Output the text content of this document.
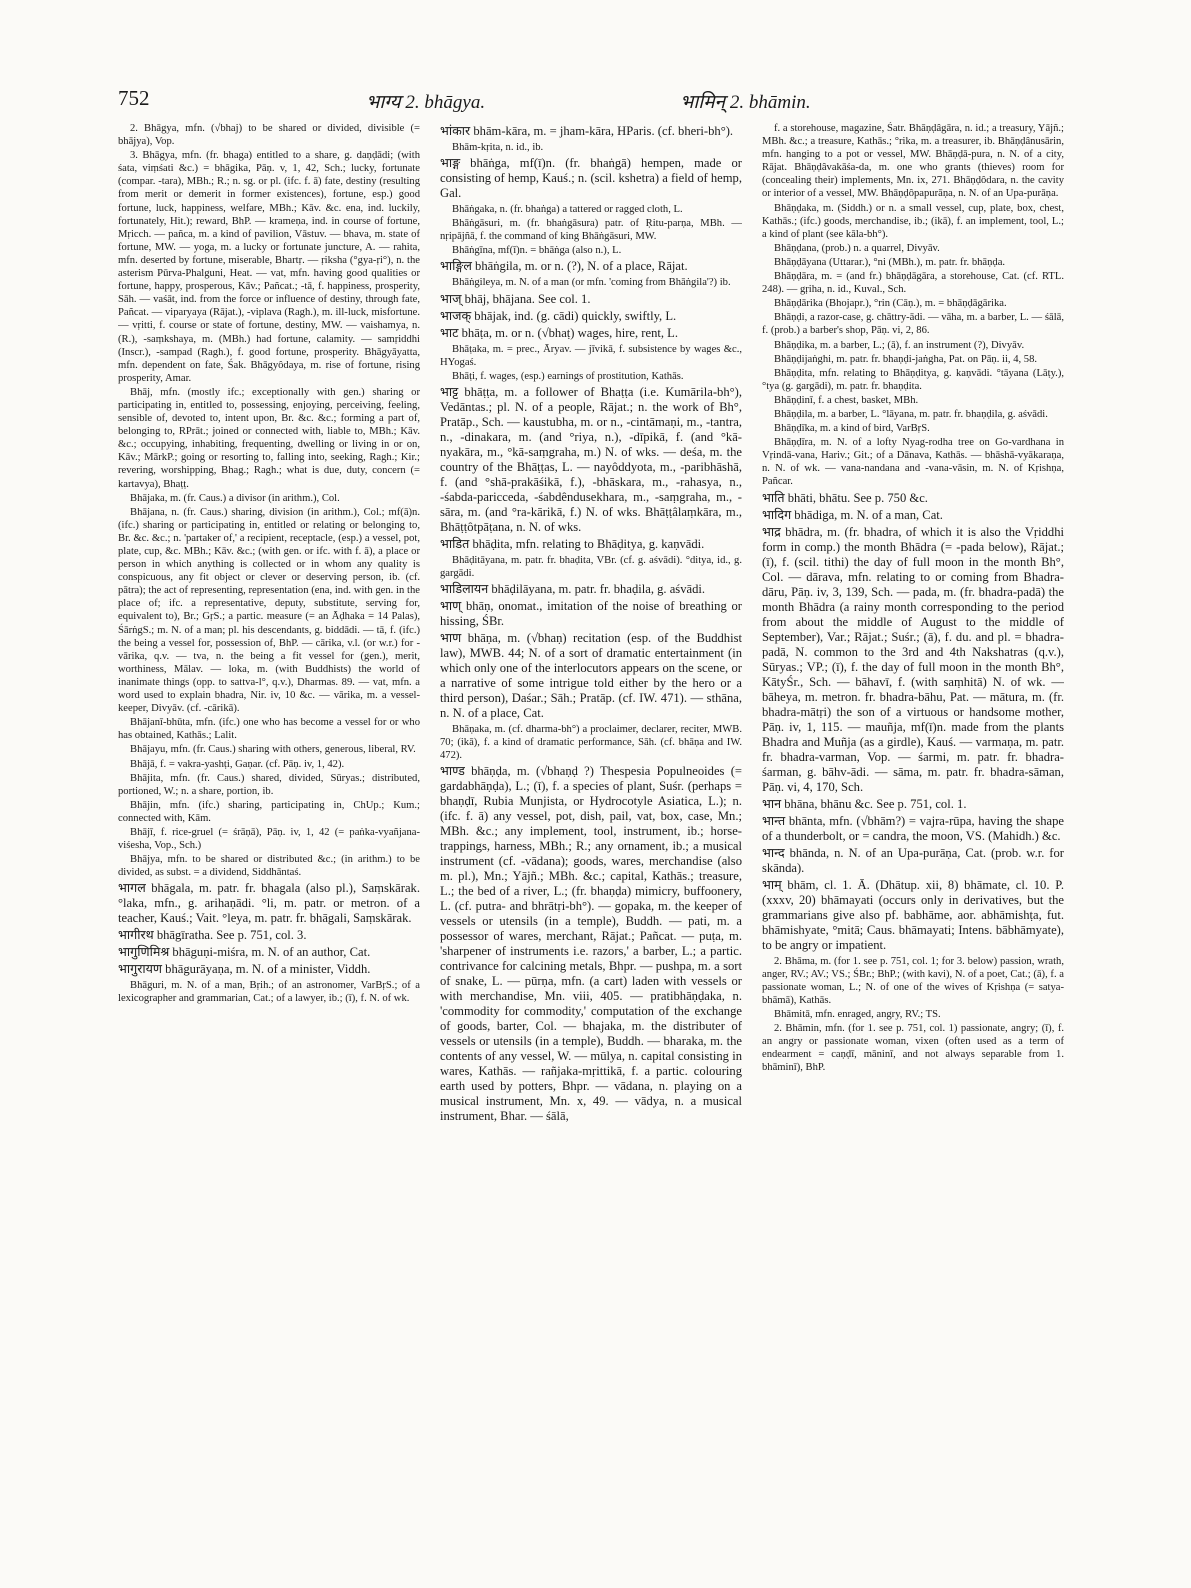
752	भाग्य 2. bhāgya.	भामिन् 2. bhāmin.

2. Bhāgya, mfn. (√bhaj) to be shared or divided, divisible (= bhājya), Vop.

3. Bhāgya, mfn. (fr. bhaga) entitled to a share, g. daṇḍādi; (with śata, viṃśati &c.) = bhāgika, Pāṇ. v, 1, 42, Sch.; lucky, fortunate (compar. -tara), MBh.; R.; n. sg. or pl. (ifc. f. ā) fate, destiny (resulting from merit or demerit in former existences), fortune, esp.) good fortune, luck, happiness, welfare, MBh.; Kāv. &c. ena, ind. luckily, fortunately, Hit.); reward, BhP. — krameṇa, ind. in course of fortune, Mṛicch. — pañca, m. a kind of pavilion, Vāstuv. — bhava, m. state of fortune, MW. — yoga, m. a lucky or fortunate juncture, A. — rahita, mfn. deserted by fortune, miserable, Bhartṛ. — ṛiksha (°gya-ṛi°), n. the asterism Pūrva-Phalguni, Heat. — vat, mfn. having good qualities or fortune, happy, prosperous, Kāv.; Pañcat.; -tā, f. happiness, prosperity, Sāh. — vaśāt, ind. from the force or influence of destiny, through fate, Pañcat. — viparyaya (Rājat.), -viplava (Ragh.), m. ill-luck, misfortune. — vṛitti, f. course or state of fortune, destiny, MW. — vaishamya, n. (R.), -saṃkshaya, m. (MBh.) had fortune, calamity. — samṛiddhi (Inscr.), -sampad (Ragh.), f. good fortune, prosperity. Bhāgyāyatta, mfn. dependent on fate, Śak. Bhāgyôdaya, m. rise of fortune, rising prosperity, Amar.

Bhāj, mfn. (mostly ifc.; exceptionally with gen.) sharing or participating in, entitled to, possessing, enjoying, perceiving, feeling, sensible of, devoted to, intent upon, Br. &c. &c.; forming a part of, belonging to, RPrāt.; joined or connected with, liable to, MBh.; Kāv. &c.; occupying, inhabiting, frequenting, dwelling or living in or on, Kāv.; MārkP.; going or resorting to, falling into, seeking, Ragh.; Kir.; revering, worshipping, Bhag.; Ragh.; what is due, duty, concern (= kartavya), Bhaṭṭ.

Bhājaka, m. (fr. Caus.) a divisor (in arithm.), Col.

Bhājana, n. (fr. Caus.) sharing, division (in arithm.), Col.; mf(ā)n. (ifc.) sharing or participating in, entitled or relating or belonging to, Br. &c. &c.; n. 'partaker of,' a recipient, receptacle, (esp.) a vessel, pot, plate, cup, &c. MBh.; Kāv. &c.; (with gen. or ifc. with f. ā), a place or person in which anything is collected or in whom any quality is conspicuous, any fit object or clever or deserving person, ib. (cf. pātra); the act of representing, representation (ena, ind. with gen. in the place of; ifc. a representative, deputy, substitute, serving for, equivalent to), Br.; GṛS.; a partic. measure (= an Āḍhaka = 14 Palas), ŚārṅgS.; m. N. of a man; pl. his descendants, g. biddādi. — tā, f. (ifc.) the being a vessel for, possession of, BhP. — cārika, v.l. (or w.r.) for -vārika, q.v. — tva, n. the being a fit vessel for (gen.), merit, worthiness, Mālav. — loka, m. (with Buddhists) the world of inanimate things (opp. to sattva-l°, q.v.), Dharmas. 89. — vat, mfn. a word used to explain bhadra, Nir. iv, 10 &c. — vārika, m. a vessel-keeper, Divyāv. (cf. -cārikā).

Bhājanī-bhūta, mfn. (ifc.) one who has become a vessel for or who has obtained, Kathās.; Lalit.

Bhājayu, mfn. (fr. Caus.) sharing with others, generous, liberal, RV.

Bhājā, f. = vakra-yashṭi, Gaṇar. (cf. Pāṇ. iv, 1, 42).

Bhājita, mfn. (fr. Caus.) shared, divided, Sūryas.; distributed, portioned, W.; n. a share, portion, ib.

Bhājin, mfn. (ifc.) sharing, participating in, ChUp.; Kum.; connected with, Kām.

Bhājī, f. rice-gruel (= śrāṇā), Pāṇ. iv, 1, 42 (= paṅka-vyañjana-viśesha, Vop., Sch.)

Bhājya, mfn. to be shared or distributed &c.; (in arithm.) to be divided, as subst. = a dividend, Siddhāntaś.

भागल bhāgala, m. patr. fr. bhagala (also pl.), Saṃskārak. °laka, mfn., g. arihaṇādi. °li, m. patr. or metron. of a teacher, Kauś.; Vait. °leya, m. patr. fr. bhāgali, Saṃskārak.

भागीरथ bhāgīratha. See p. 751, col. 3.

भागुणिमिश्र bhāguṇi-miśra, m. N. of an author, Cat.

भागुरायण bhāgurāyaṇa, m. N. of a minister, Viddh.

Bhāguri, m. N. of a man, Bṛih.; of an astronomer, VarBṛS.; of a lexicographer and grammarian, Cat.; of a lawyer, ib.; (ī), f. N. of wk.

भांकार bhām-kāra, m. = jham-kāra, HParis. (cf. bheri-bh°).

Bhām-kṛita, n. id., ib.

भाङ्ग bhāṅga, mf(ī)n. (fr. bhaṅgā) hempen, made or consisting of hemp, Kauś.; n. (scil. kshetra) a field of hemp, Gal.

Bhāṅgaka, n. (fr. bhaṅga) a tattered or ragged cloth, L.

Bhāṅgāsuri, m. (fr. bhaṅgāsura) patr. of Ṛitu-parṇa, MBh. — nṛipājñā, f. the command of king Bhāṅgāsuri, MW.

Bhāṅgīna, mf(ī)n. = bhāṅga (also n.), L.

भाङ्गिल bhāṅgila, m. or n. (?), N. of a place, Rājat.

Bhāṅgileya, m. N. of a man (or mfn. 'coming from Bhāṅgila'?) ib.

भाज् bhāj, bhājana. See col. 1.

भाजक् bhājak, ind. (g. cādi) quickly, swiftly, L.

भाट bhāṭa, m. or n. (√bhaṭ) wages, hire, rent, L.

Bhāṭaka, m. = prec., Āryav. — jīvikā, f. subsistence by wages &c., HYogaś.

Bhāṭi, f. wages, (esp.) earnings of prostitution, Kathās.

भाट्ट bhāṭṭa, m. a follower of Bhaṭṭa (i.e. Kumārila-bh°), Vedāntas.; pl. N. of a people, Rājat.; n. the work of Bh°, Pratāp., Sch. — kaustubha, m. or n., -cintāmaṇi, m., -tantra, n., -dinakara, m. (and °riya, n.), -dīpikā, f. (and °kā-nyakāra, m., °kā-saṃgraha, m.) N. of wks. — deśa, m. the country of the Bhāṭṭas, L. — nayôddyota, m., -paribhāshā, f. (and °shā-prakāśikā, f.), -bhāskara, m., -rahasya, n., -śabda-paricceda, -śabdêndusekhara, m., -saṃgraha, m., -sāra, m. (and °ra-kārikā, f.) N. of wks. Bhāṭṭâlaṃkāra, m., Bhāṭṭôtpāṭana, n. N. of wks.

भाडित bhāḍita, mfn. relating to Bhāḍitya, g. kaṇvādi.

Bhāḍitāyana, m. patr. fr. bhaḍita, VBr. (cf. g. aśvādi). °ditya, id., g. gargādi.

भाडिलायन bhāḍilāyana, m. patr. fr. bhaḍila, g. aśvādi.

भाण् bhāṇ, onomat., imitation of the noise of breathing or hissing, ŚBr.

भाण bhāṇa, m. (√bhaṇ) recitation (esp. of the Buddhist law), MWB. 44; N. of a sort of dramatic entertainment (in which only one of the interlocutors appears on the scene, or a narrative of some intrigue told either by the hero or a third person), Daśar.; Sāh.; Pratāp. (cf. IW. 471). — sthāna, n. N. of a place, Cat.

Bhāṇaka, m. (cf. dharma-bh°) a proclaimer, declarer, reciter, MWB. 70; (ikā), f. a kind of dramatic performance, Sāh. (cf. bhāṇa and IW. 472).

भाण्ड bhāṇḍa, m. (√bhaṇḍ ?) Thespesia Populneoides (= gardabhāṇḍa), L.; (ī), f. a species of plant, Suśr. (perhaps = bhaṇḍī, Rubia Munjista, or Hydrocotyle Asiatica, L.); n. (ifc. f. ā) any vessel, pot, dish, pail, vat, box, case, Mn.; MBh. &c.; any implement, tool, instrument, ib.; horse-trappings, harness, MBh.; R.; any ornament, ib.; a musical instrument (cf. -vādana); goods, wares, merchandise (also m. pl.), Mn.; Yājñ.; MBh. &c.; capital, Kathās.; treasure, L.; the bed of a river, L.; (fr. bhaṇḍa) mimicry, buffoonery, L. (cf. putra- and bhrātṛi-bh°). — gopaka, m. the keeper of vessels or utensils (in a temple), Buddh. — pati, m. a possessor of wares, merchant, Rājat.; Pañcat. — puṭa, m. 'sharpener of instruments i.e. razors,' a barber, L.; a partic. contrivance for calcining metals, Bhpr. — pushpa, m. a sort of snake, L. — pūrṇa, mfn. (a cart) laden with vessels or with merchandise, Mn. viii, 405. — pratibhāṇḍaka, n. 'commodity for commodity,' computation of the exchange of goods, barter, Col. — bhajaka, m. the distributer of vessels or utensils (in a temple), Buddh. — bharaka, m. the contents of any vessel, W. — mūlya, n. capital consisting in wares, Kathās. — rañjaka-mṛittikā, f. a partic. colouring earth used by potters, Bhpr. — vādana, n. playing on a musical instrument, Mn. x, 49. — vādya, n. a musical instrument, Bhar. — śālā,

f. a storehouse, magazine, Śatr. Bhāṇḍâgāra, n. id.; a treasury, Yājñ.; MBh. &c.; a treasure, Kathās.; °rika, m. a treasurer, ib. Bhāṇḍânusārin, mfn. hanging to a pot or vessel, MW. Bhāṇḍā-pura, n. N. of a city, Rājat. Bhāṇḍâvakāśa-da, m. one who grants (thieves) room for (concealing their) implements, Mn. ix, 271. Bhāṇḍôdara, n. the cavity or interior of a vessel, MW. Bhāṇḍôpapurāṇa, n. N. of an Upa-purāṇa.

Bhāṇḍaka, m. (Siddh.) or n. a small vessel, cup, plate, box, chest, Kathās.; (ifc.) goods, merchandise, ib.; (ikā), f. an implement, tool, L.; a kind of plant (see kāla-bh°).

Bhāṇḍana, (prob.) n. a quarrel, Divyāv.

Bhāṇḍāyana (Uttarar.), °ni (MBh.), m. patr. fr. bhāṇḍa.

Bhāṇḍāra, m. = (and fr.) bhāṇḍāgāra, a storehouse, Cat. (cf. RTL. 248). — gṛiha, n. id., Kuval., Sch.

Bhāṇḍārika (Bhojapr.), °rin (Cāṇ.), m. = bhāṇḍāgārika.

Bhāṇḍi, a razor-case, g. chāttry-ādi. — vāha, m. a barber, L. — śālā, f. (prob.) a barber's shop, Pāṇ. vi, 2, 86.

Bhāṇḍika, m. a barber, L.; (ā), f. an instrument (?), Divyāv.

Bhāṇḍijaṅghi, m. patr. fr. bhaṇḍi-jaṅgha, Pat. on Pāṇ. ii, 4, 58.

Bhāṇḍita, mfn. relating to Bhāṇḍitya, g. kaṇvādi. °tāyana (Lāṭy.), °tya (g. gargādi), m. patr. fr. bhaṇḍita.

Bhāṇḍinī, f. a chest, basket, MBh.

Bhāṇḍila, m. a barber, L. °lāyana, m. patr. fr. bhaṇḍila, g. aśvādi.

Bhāṇḍīka, m. a kind of bird, VarBṛS.

Bhāṇḍīra, m. N. of a lofty Nyag-rodha tree on Go-vardhana in Vṛindā-vana, Hariv.; Git.; of a Dānava, Kathās. — bhāshā-vyākaraṇa, n. N. of wk. — vana-nandana and -vana-vāsin, m. N. of Kṛishṇa, Pañcar.

भाति bhāti, bhātu. See p. 750 &c.

भादिग bhādiga, m. N. of a man, Cat.

भाद्र bhādra, m. (fr. bhadra, of which it is also the Vṛiddhi form in comp.) the month Bhādra (= -pada below), Rājat.; (ī), f. (scil. tithi) the day of full moon in the month Bh°, Col. — dārava, mfn. relating to or coming from Bhadra-dāru, Pāṇ. iv, 3, 139, Sch. — pada, m. (fr. bhadra-padā) the month Bhādra (a rainy month corresponding to the period from about the middle of August to the middle of September), Var.; Rājat.; Suśr.; (ā), f. du. and pl. = bhadra-padā, N. common to the 3rd and 4th Nakshatras (q.v.), Sūryas.; VP.; (ī), f. the day of full moon in the month Bh°, KātyŚr., Sch. — bāhavī, f. (with saṃhitā) N. of wk. — bāheya, m. metron. fr. bhadra-bāhu, Pat. — mātura, m. (fr. bhadra-mātṛi) the son of a virtuous or handsome mother, Pāṇ. iv, 1, 115. — mauñja, mf(ī)n. made from the plants Bhadra and Muñja (as a girdle), Kauś. — varmaṇa, m. patr. fr. bhadra-varman, Vop. — śarmi, m. patr. fr. bhadra-śarman, g. bāhv-ādi. — sāma, m. patr. fr. bhadra-sāman, Pāṇ. vi, 4, 170, Sch.

भान bhāna, bhānu &c. See p. 751, col. 1.

भान्त bhānta, mfn. (√bhām?) = vajra-rūpa, having the shape of a thunderbolt, or = candra, the moon, VS. (Mahidh.) &c.

भान्द bhānda, n. N. of an Upa-purāṇa, Cat. (prob. w.r. for skānda).

भाम् bhām, cl. 1. Ā. (Dhātup. xii, 8) bhāmate, cl. 10. P. (xxxv, 20) bhāmayati (occurs only in derivatives, but the grammarians give also pf. babhāme, aor. abhāmishṭa, fut. bhāmishyate, °mitā; Caus. bhāmayati; Intens. bābhāmyate), to be angry or impatient.

2. Bhāma, m. (for 1. see p. 751, col. 1; for 3. below) passion, wrath, anger, RV.; AV.; VS.; ŚBr.; BhP.; (with kavi), N. of a poet, Cat.; (ā), f. a passionate woman, L.; N. of one of the wives of Kṛishṇa (= satya-bhāmā), Kathās.

Bhāmitā, mfn. enraged, angry, RV.; TS.

2. Bhāmin, mfn. (for 1. see p. 751, col. 1) passionate, angry; (ī), f. an angry or passionate woman, vixen (often used as a term of endearment = caṇḍī, māninī, and not always separable from 1. bhāminī), BhP.
